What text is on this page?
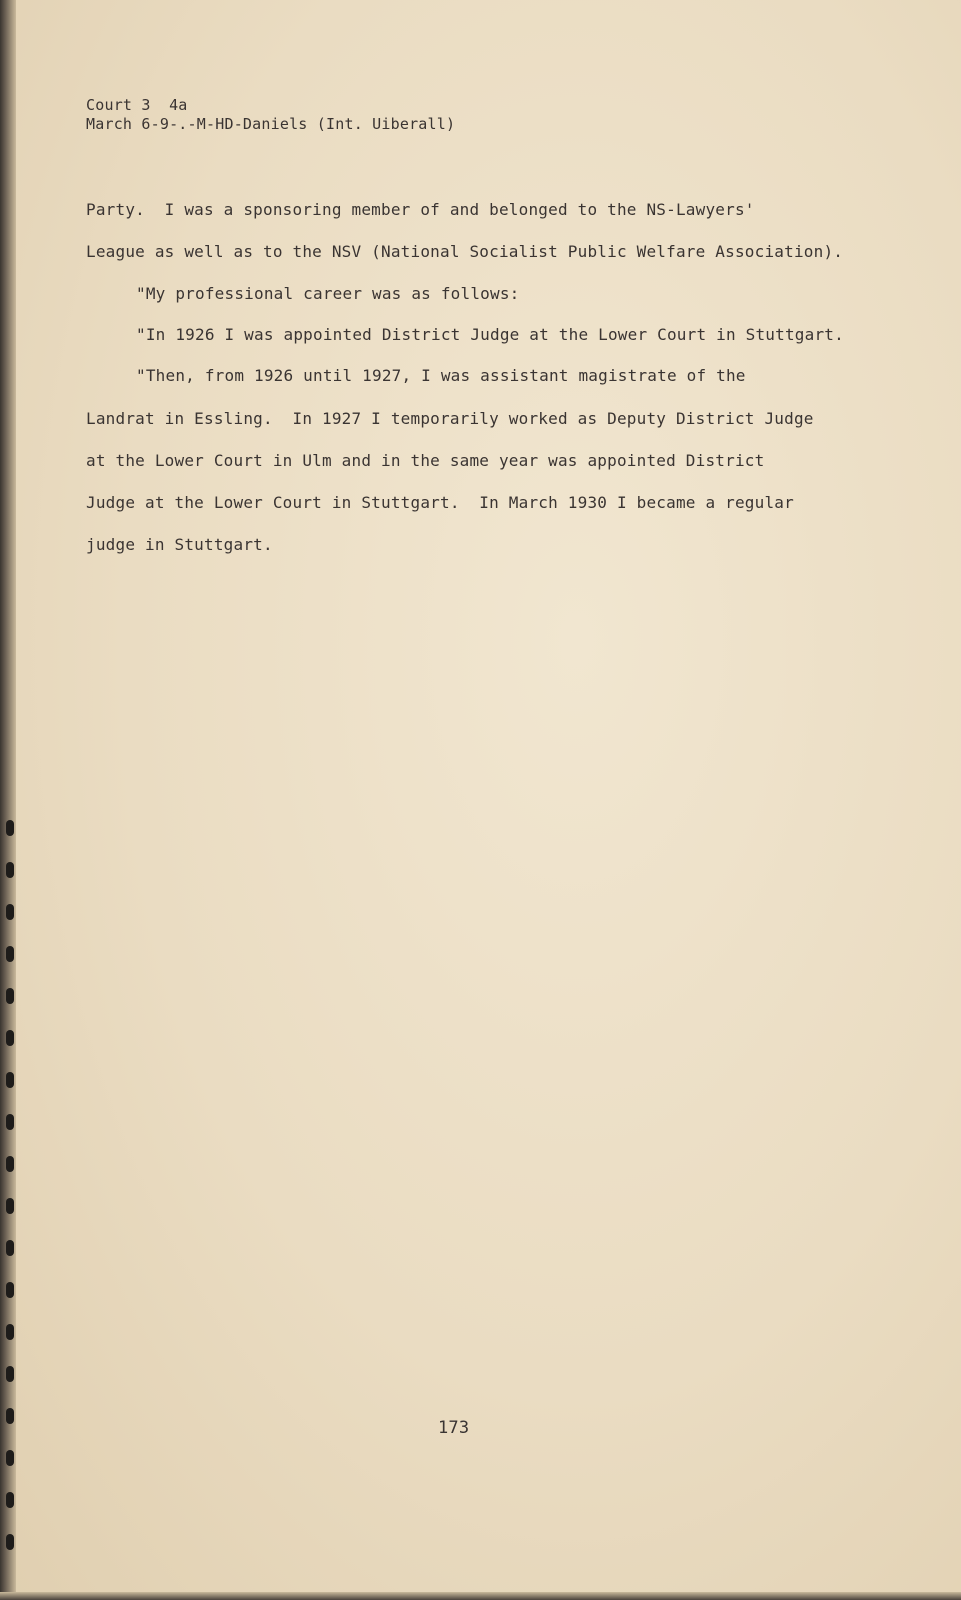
Court 3  4a
March 6-9-.-M-HD-Daniels (Int. Uiberall)
Party.  I was a sponsoring member of and belonged to the NS-Lawyers'
League as well as to the NSV (National Socialist Public Welfare Association).
"My professional career was as follows:
"In 1926 I was appointed District Judge at the Lower Court in Stuttgart.
"Then, from 1926 until 1927, I was assistant magistrate of the
Landrat in Essling.  In 1927 I temporarily worked as Deputy District Judge
at the Lower Court in Ulm and in the same year was appointed District
Judge at the Lower Court in Stuttgart.  In March 1930 I became a regular
judge in Stuttgart.
173
